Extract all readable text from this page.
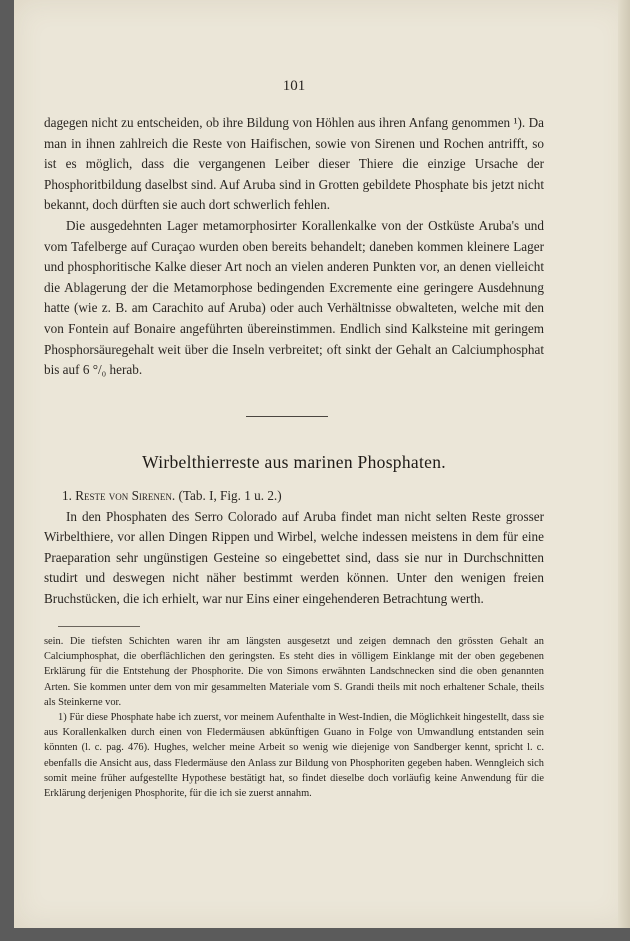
101

dagegen nicht zu entscheiden, ob ihre Bildung von Höhlen aus ihren Anfang genommen ¹). Da man in ihnen zahlreich die Reste von Haifischen, sowie von Sirenen und Rochen antrifft, so ist es möglich, dass die vergangenen Leiber dieser Thiere die einzige Ursache der Phosphoritbildung daselbst sind. Auf Aruba sind in Grotten gebildete Phosphate bis jetzt nicht bekannt, doch dürften sie auch dort schwerlich fehlen.

Die ausgedehnten Lager metamorphosirter Korallenkalke von der Ostküste Aruba's und vom Tafelberge auf Curaçao wurden oben bereits behandelt; daneben kommen kleinere Lager und phosphoritische Kalke dieser Art noch an vielen anderen Punkten vor, an denen vielleicht die Ablagerung der die Metamorphose bedingenden Excremente eine geringere Ausdehnung hatte (wie z. B. am Carachito auf Aruba) oder auch Verhältnisse obwalteten, welche mit den von Fontein auf Bonaire angeführten übereinstimmen. Endlich sind Kalksteine mit geringem Phosphorsäuregehalt weit über die Inseln verbreitet; oft sinkt der Gehalt an Calciumphosphat bis auf 6 °/₀ herab.

Wirbelthierreste aus marinen Phosphaten.

1. Reste von Sirenen. (Tab. I, Fig. 1 u. 2.)

In den Phosphaten des Serro Colorado auf Aruba findet man nicht selten Reste grosser Wirbelthiere, vor allen Dingen Rippen und Wirbel, welche indessen meistens in dem für eine Praeparation sehr ungünstigen Gesteine so eingebettet sind, dass sie nur in Durchschnitten studirt und deswegen nicht näher bestimmt werden können. Unter den wenigen freien Bruchstücken, die ich erhielt, war nur Eins einer eingehenderen Betrachtung werth.

sein. Die tiefsten Schichten waren ihr am längsten ausgesetzt und zeigen demnach den grössten Gehalt an Calciumphosphat, die oberflächlichen den geringsten. Es steht dies in völligem Einklange mit der oben gegebenen Erklärung für die Entstehung der Phosphorite. Die von Simons erwähnten Landschnecken sind die oben genannten Arten. Sie kommen unter dem von mir gesammelten Materiale vom S. Grandi theils mit noch erhaltener Schale, theils als Steinkerne vor.

1) Für diese Phosphate habe ich zuerst, vor meinem Aufenthalte in West-Indien, die Möglichkeit hingestellt, dass sie aus Korallenkalken durch einen von Fledermäusen abkünftigen Guano in Folge von Umwandlung entstanden sein könnten (l. c. pag. 476). Hughes, welcher meine Arbeit so wenig wie diejenige von Sandberger kennt, spricht l. c. ebenfalls die Ansicht aus, dass Fledermäuse den Anlass zur Bildung von Phosphoriten gegeben haben. Wenngleich sich somit meine früher aufgestellte Hypothese bestätigt hat, so findet dieselbe doch vorläufig keine Anwendung für die Erklärung derjenigen Phosphorite, für die ich sie zuerst annahm.
